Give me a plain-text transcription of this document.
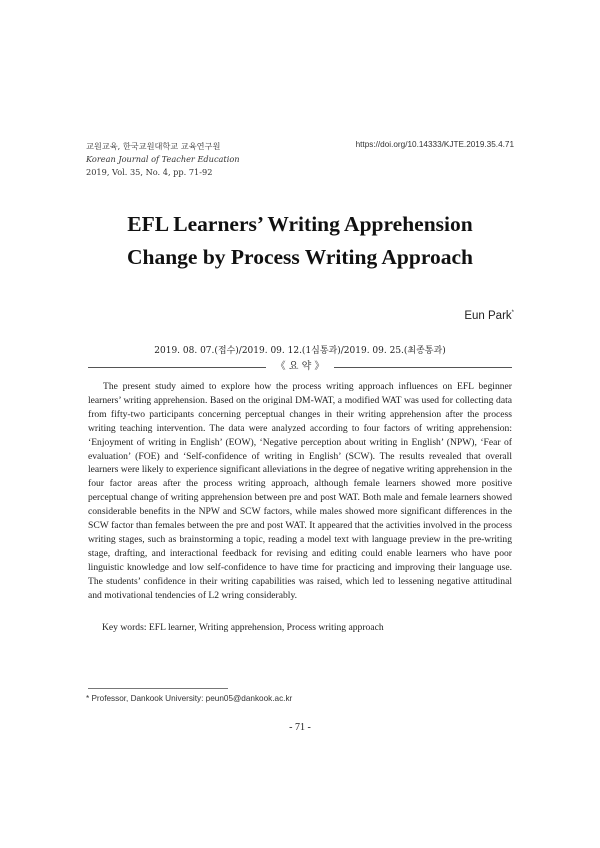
교원교육, 한국교원대학교 교육연구원
Korean Journal of Teacher Education
2019, Vol. 35, No. 4, pp. 71-92
https://doi.org/10.14333/KJTE.2019.35.4.71
EFL Learners’ Writing Apprehension
Change by Process Writing Approach
Eun Park*
2019. 08. 07.(접수)/2019. 09. 12.(1심통과)/2019. 09. 25.(최종통과)
《 요 약 》

The present study aimed to explore how the process writing approach influences on EFL beginner learners’ writing apprehension. Based on the original DM-WAT, a modified WAT was used for collecting data from fifty-two participants concerning perceptual changes in their writing apprehension after the process writing teaching intervention. The data were analyzed according to four factors of writing apprehension: ‘Enjoyment of writing in English’ (EOW), ‘Negative perception about writing in English’ (NPW), ‘Fear of evaluation’ (FOE) and ‘Self-confidence of writing in English’ (SCW). The results revealed that overall learners were likely to experience significant alleviations in the degree of negative writing apprehension in the four factor areas after the process writing approach, although female learners showed more positive perceptual change of writing apprehension between pre and post WAT. Both male and female learners showed considerable benefits in the NPW and SCW factors, while males showed more significant differences in the SCW factor than females between the pre and post WAT. It appeared that the activities involved in the process writing stages, such as brainstorming a topic, reading a model text with language preview in the pre-writing stage, drafting, and interactional feedback for revising and editing could enable learners who have poor linguistic knowledge and low self-confidence to have time for practicing and improving their language use. The students’ confidence in their writing capabilities was raised, which led to lessening negative attitudinal and motivational tendencies of L2 wring considerably.

Key words: EFL learner, Writing apprehension, Process writing approach
* Professor, Dankook University: peun05@dankook.ac.kr
- 71 -
